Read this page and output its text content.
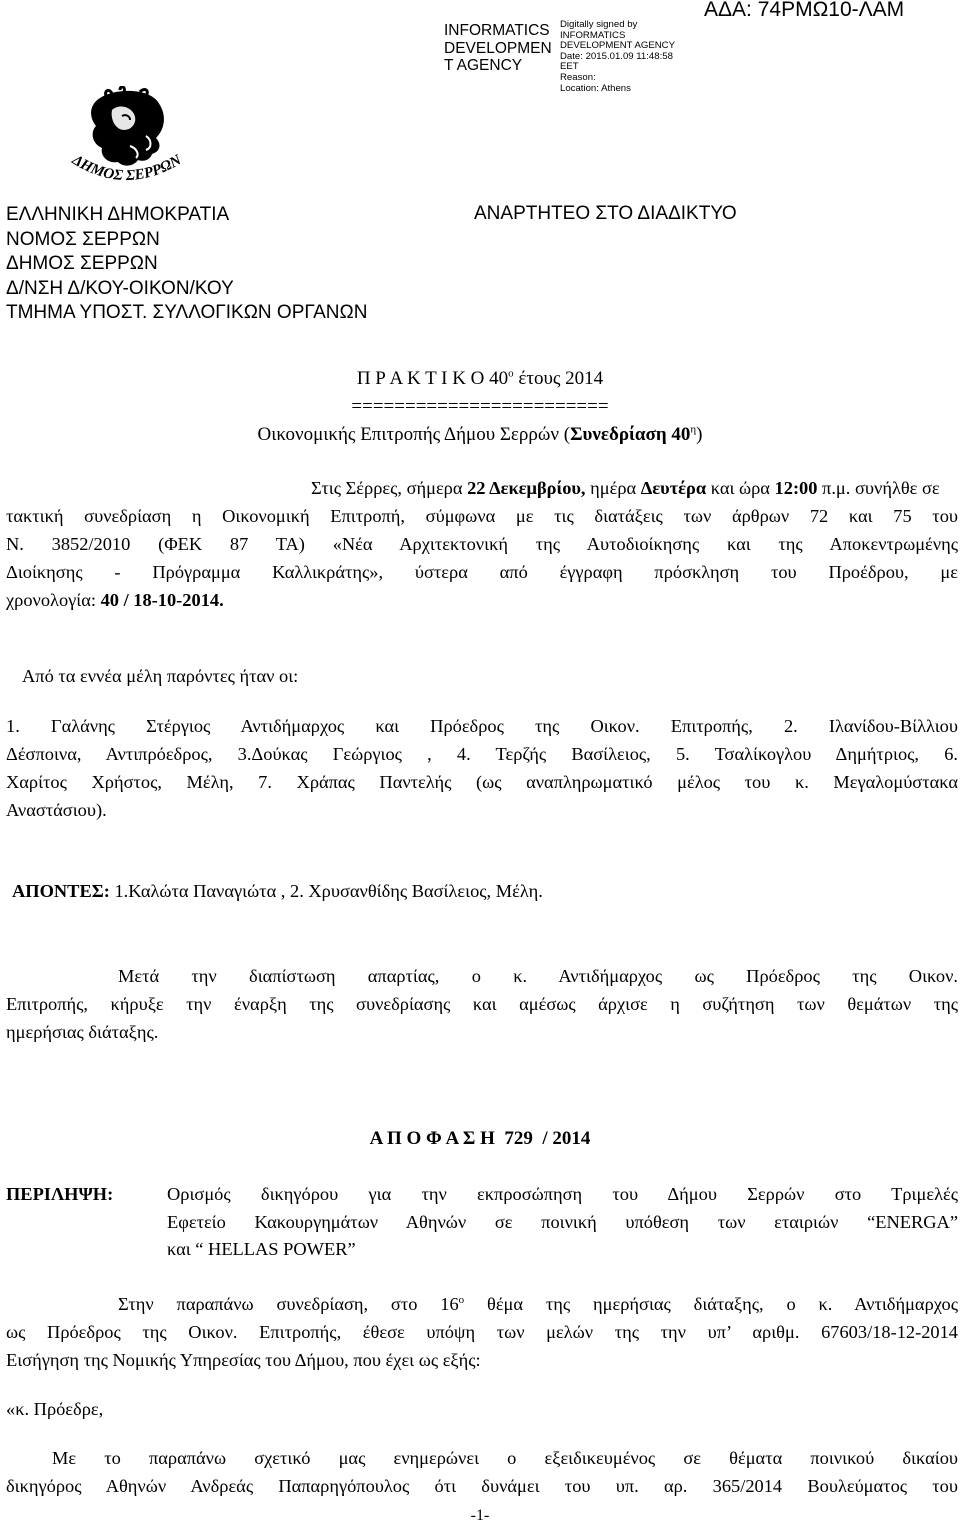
INFORMATICS
DEVELOPMEN
T AGENCY
Digitally signed by
INFORMATICS
DEVELOPMENT AGENCY
Date: 2015.01.09 11:48:58
EET
Reason:
Location: Athens
ΑΔΑ: 74ΡΜΩ10-ΛΑΜ
ΔΗΜΟΣ ΣΕΡΡΩΝ
ΕΛΛΗΝΙΚΗ ΔΗΜΟΚΡΑΤΙΑ
ΝΟΜΟΣ ΣΕΡΡΩΝ
ΔΗΜΟΣ ΣΕΡΡΩΝ
Δ/ΝΣΗ Δ/ΚΟΥ-ΟΙΚΟΝ/ΚΟΥ
ΤΜΗΜΑ ΥΠΟΣΤ. ΣΥΛΛΟΓΙΚΩΝ ΟΡΓΑΝΩΝ
ΑΝΑΡΤΗΤΕΟ ΣΤΟ ΔΙΑΔΙΚΤΥΟ
Π Ρ Α Κ Τ Ι Κ Ο $40^o$ έτους 2014
========================
Οικονομικής Επιτροπής Δήμου Σερρών (Συνεδρίαση $40^\eta$)
Στις Σέρρες, σήμερα 22 Δεκεμβρίου, ημέρα Δευτέρα και ώρα 12:00 π.μ. συνήλθε σε
τακτική συνεδρίαση η Οικονομική Επιτροπή, σύμφωνα με τις διατάξεις των άρθρων 72 και 75 του
Ν. 3852/2010 (ΦΕΚ 87 ΤΑ) «Νέα Αρχιτεκτονική της Αυτοδιοίκησης και της Αποκεντρωμένης
Διοίκησης - Πρόγραμμα Καλλικράτης», ύστερα από έγγραφη πρόσκληση του Προέδρου, με
χρονολογία: 40 / 18-10-2014.
Από τα εννέα μέλη παρόντες ήταν οι:
1. Γαλάνης Στέργιος Αντιδήμαρχος και Πρόεδρος της Οικον. Επιτροπής, 2. Ιλανίδου-Βίλλιου
Δέσποινα, Αντιπρόεδρος, 3.Δούκας Γεώργιος , 4. Τερζής Βασίλειος, 5. Τσαλίκογλου Δημήτριος, 6.
Χαρίτος Χρήστος, Μέλη, 7. Χράπας Παντελής (ως αναπληρωματικό μέλος του κ. Μεγαλομύστακα
Αναστάσιου).
ΑΠΟΝΤΕΣ: 1.Καλώτα Παναγιώτα , 2. Χρυσανθίδης Βασίλειος, Μέλη.
Μετά την διαπίστωση απαρτίας, ο κ. Αντιδήμαρχος ως Πρόεδρος της Οικον.
Επιτροπής, κήρυξε την έναρξη της συνεδρίασης και αμέσως άρχισε η συζήτηση των θεμάτων της
ημερήσιας διάταξης.
Α Π Ο Φ Α Σ Η  729  / 2014
ΠΕΡΙΛΗΨΗ:	Ορισμός δικηγόρου για την εκπροσώπηση του Δήμου Σερρών στο Τριμελές
Εφετείο Κακουργημάτων Αθηνών σε ποινική υπόθεση των εταιριών “ENERGA”
και “ HELLAS POWER”
Στην παραπάνω συνεδρίαση, στο $16^o$ θέμα της ημερήσιας διάταξης, ο κ. Αντιδήμαρχος
ως Πρόεδρος της Οικον. Επιτροπής, έθεσε υπόψη των μελών της την υπ’ αριθμ. 67603/18-12-2014
Εισήγηση της Νομικής Υπηρεσίας του Δήμου, που έχει ως εξής:
«κ. Πρόεδρε,
Με το παραπάνω σχετικό μας ενημερώνει ο εξειδικευμένος σε θέματα ποινικού δικαίου
δικηγόρος Αθηνών Ανδρεάς Παπαρηγόπουλος ότι δυνάμει του υπ. αρ. 365/2014 Βουλεύματος του
-1-
